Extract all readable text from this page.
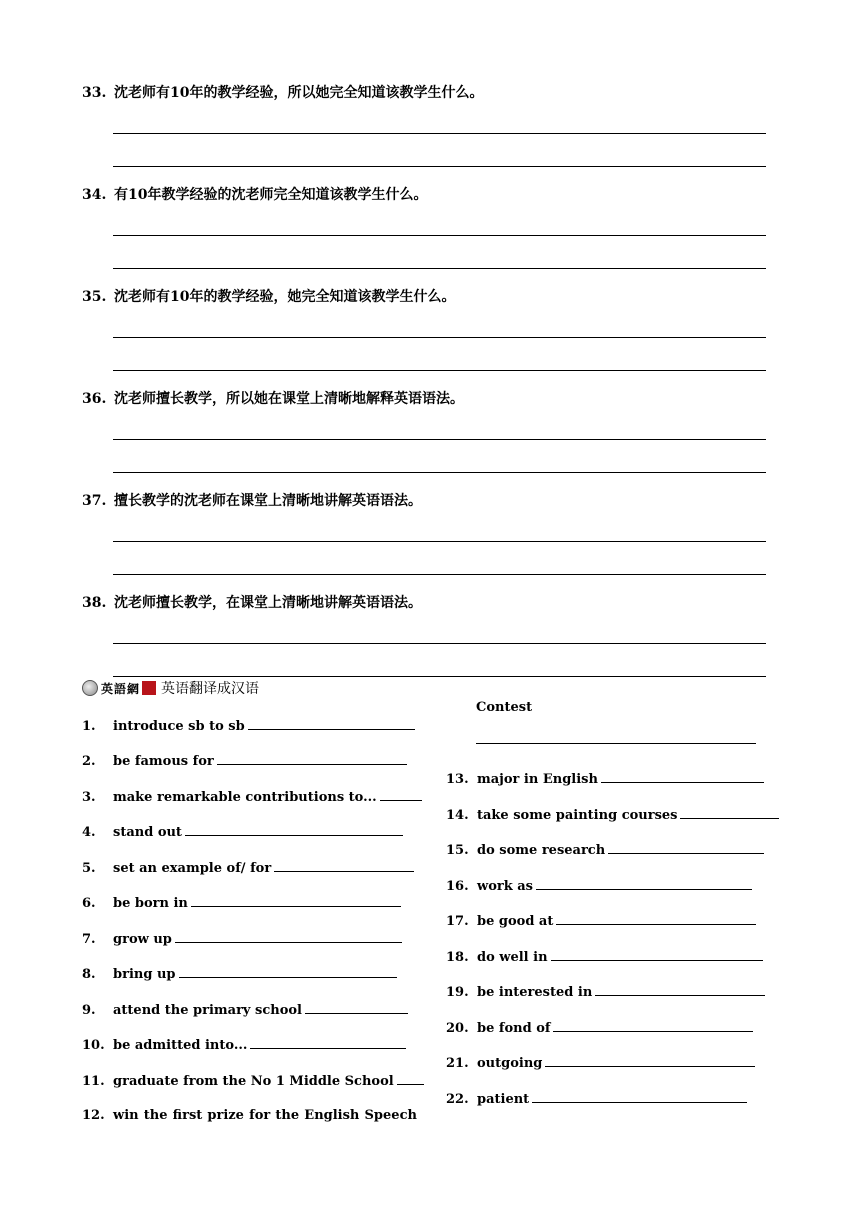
33. 沈老师有10年的教学经验，所以她完全知道该教学生什么。
34. 有10年教学经验的沈老师完全知道该教学生什么。
35. 沈老师有10年的教学经验，她完全知道该教学生什么。
36. 沈老师擅长教学，所以她在课堂上清晰地解释英语语法。
37. 擅长教学的沈老师在课堂上清晰地讲解英语语法。
38. 沈老师擅长教学，在课堂上清晰地讲解英语语法。
英語網 英语翻译成汉语
1. introduce sb to sb
2. be famous for
3. make remarkable contributions to...
4. stand out
5. set an example of/ for
6. be born in
7. grow up
8. bring up
9. attend the primary school
10. be admitted into...
11. graduate from the No 1 Middle School
12. win the first prize for the English Speech
Contest
13. major in English
14. take some painting courses
15. do some research
16. work as
17. be good at
18. do well in
19. be interested in
20. be fond of
21. outgoing
22. patient
